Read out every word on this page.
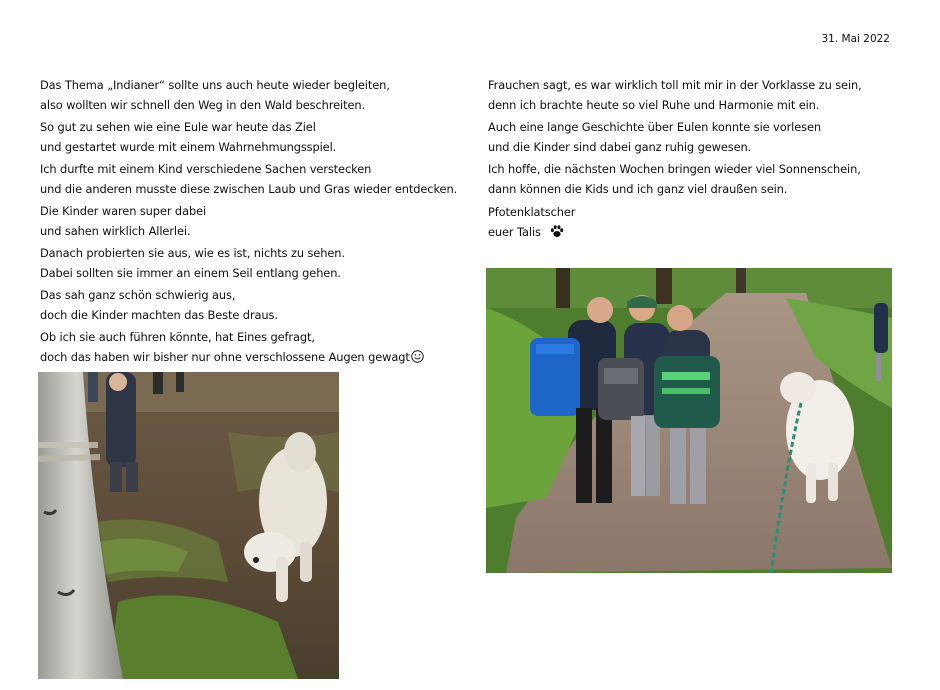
31. Mai 2022
Das Thema „Indianer“ sollte uns auch heute wieder begleiten,
also wollten wir schnell den Weg in den Wald beschreiten.
So gut zu sehen wie eine Eule war heute das Ziel
und gestartet wurde mit einem Wahrnehmungsspiel.
Ich durfte mit einem Kind verschiedene Sachen verstecken
und die anderen musste diese zwischen Laub und Gras wieder entdecken.
Die Kinder waren super dabei
und sahen wirklich Allerlei.
Danach probierten sie aus, wie es ist, nichts zu sehen.
Dabei sollten sie immer an einem Seil entlang gehen.
Das sah ganz schön schwierig aus,
doch die Kinder machten das Beste draus.
Ob ich sie auch führen könnte, hat Eines gefragt,
doch das haben wir bisher nur ohne verschlossene Augen gewagt
Frauchen sagt, es war wirklich toll mit mir in der Vorklasse zu sein,
denn ich brachte heute so viel Ruhe und Harmonie mit ein.
Auch eine lange Geschichte über Eulen konnte sie vorlesen
und die Kinder sind dabei ganz ruhig gewesen.
Ich hoffe, die nächsten Wochen bringen wieder viel Sonnenschein,
dann können die Kids und ich ganz viel draußen sein.
Pfotenklatscher
euer Talis
